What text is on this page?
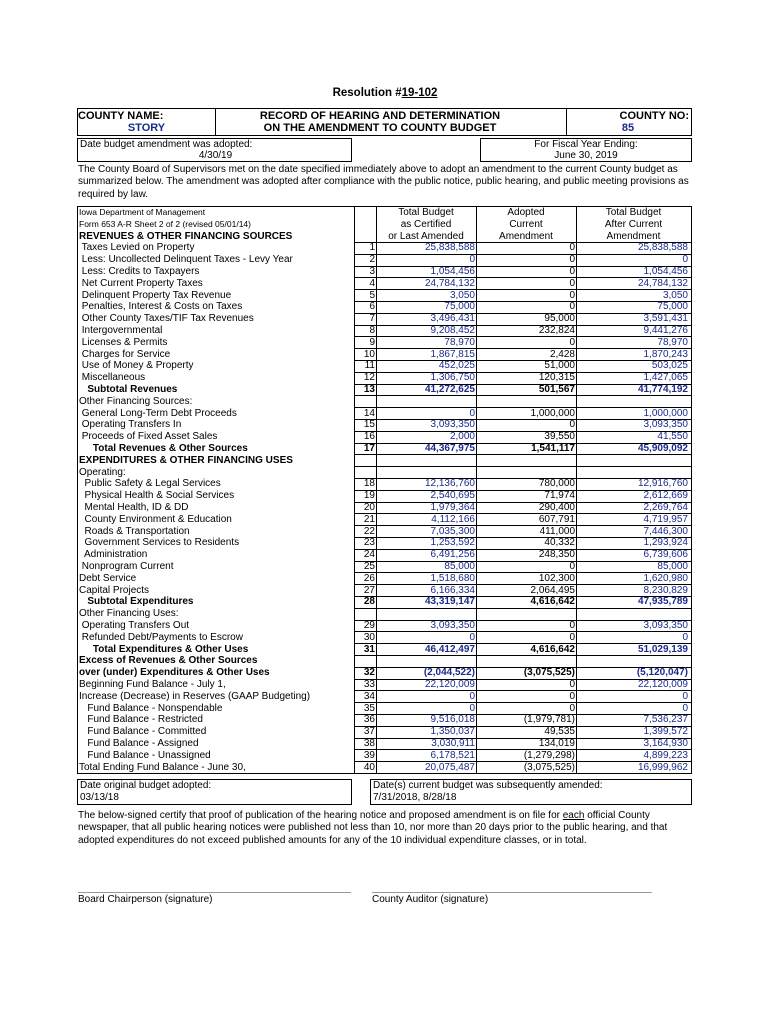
Resolution #19-102
COUNTY NAME:
STORY
RECORD OF HEARING AND DETERMINATION
ON THE AMENDMENT TO COUNTY BUDGET
COUNTY NO:
85
Date budget amendment was adopted:
4/30/19
For Fiscal Year Ending:
June 30, 2019
The County Board of Supervisors met on the date specified immediately above to adopt an amendment to the current County budget as summarized below. The amendment was adopted after compliance with the public notice, public hearing, and public meeting provisions as required by law.
Iowa Department of Management
Form 653 A-R Sheet 2 of 2 (revised 05/01/14)
Total Budget
as Certified
or Last Amended
Adopted
Current
Amendment
Total Budget
After Current
Amendment
REVENUES & OTHER FINANCING SOURCES
Taxes Levied on Property	1	25,838,588	0	25,838,588
Less: Uncollected Delinquent Taxes - Levy Year	2	0	0	0
Less: Credits to Taxpayers	3	1,054,456	0	1,054,456
Net Current Property Taxes	4	24,784,132	0	24,784,132
Delinquent Property Tax Revenue	5	3,050	0	3,050
Penalties, Interest & Costs on Taxes	6	75,000	0	75,000
Other County Taxes/TIF Tax Revenues	7	3,496,431	95,000	3,591,431
Intergovernmental	8	9,208,452	232,824	9,441,276
Licenses & Permits	9	78,970	0	78,970
Charges for Service	10	1,867,815	2,428	1,870,243
Use of Money & Property	11	452,025	51,000	503,025
Miscellaneous	12	1,306,750	120,315	1,427,065
Subtotal Revenues	13	41,272,625	501,567	41,774,192
Other Financing Sources:
General Long-Term Debt Proceeds	14	0	1,000,000	1,000,000
Operating Transfers In	15	3,093,350	0	3,093,350
Proceeds of Fixed Asset Sales	16	2,000	39,550	41,550
Total Revenues & Other Sources	17	44,367,975	1,541,117	45,909,092
EXPENDITURES & OTHER FINANCING USES
Operating:
Public Safety & Legal Services	18	12,136,760	780,000	12,916,760
Physical Health & Social Services	19	2,540,695	71,974	2,612,669
Mental Health, ID & DD	20	1,979,364	290,400	2,269,764
County Environment & Education	21	4,112,166	607,791	4,719,957
Roads & Transportation	22	7,035,300	411,000	7,446,300
Government Services to Residents	23	1,253,592	40,332	1,293,924
Administration	24	6,491,256	248,350	6,739,606
Nonprogram Current	25	85,000	0	85,000
Debt Service	26	1,518,680	102,300	1,620,980
Capital Projects	27	6,166,334	2,064,495	8,230,829
Subtotal Expenditures	28	43,319,147	4,616,642	47,935,789
Other Financing Uses:
Operating Transfers Out	29	3,093,350	0	3,093,350
Refunded Debt/Payments to Escrow	30	0	0	0
Total Expenditures & Other Uses	31	46,412,497	4,616,642	51,029,139
Excess of Revenues & Other Sources
over (under) Expenditures & Other Uses	32	(2,044,522)	(3,075,525)	(5,120,047)
Beginning Fund Balance - July 1,	33	22,120,009	0	22,120,009
Increase (Decrease) in Reserves (GAAP Budgeting)	34	0	0	0
Fund Balance - Nonspendable	35	0	0	0
Fund Balance - Restricted	36	9,516,018	(1,979,781)	7,536,237
Fund Balance - Committed	37	1,350,037	49,535	1,399,572
Fund Balance - Assigned	38	3,030,911	134,019	3,164,930
Fund Balance - Unassigned	39	6,178,521	(1,279,298)	4,899,223
Total Ending Fund Balance - June 30,	40	20,075,487	(3,075,525)	16,999,962
Date original budget adopted:
03/13/18
Date(s) current budget was subsequently amended:
7/31/2018, 8/28/18
The below-signed certify that proof of publication of the hearing notice and proposed amendment is on file for each official County newspaper, that all public hearing notices were published not less than 10, nor more than 20 days prior to the public hearing, and that adopted expenditures do not exceed published amounts for any of the 10 individual expenditure classes, or in total.
Board Chairperson (signature)	County Auditor (signature)
